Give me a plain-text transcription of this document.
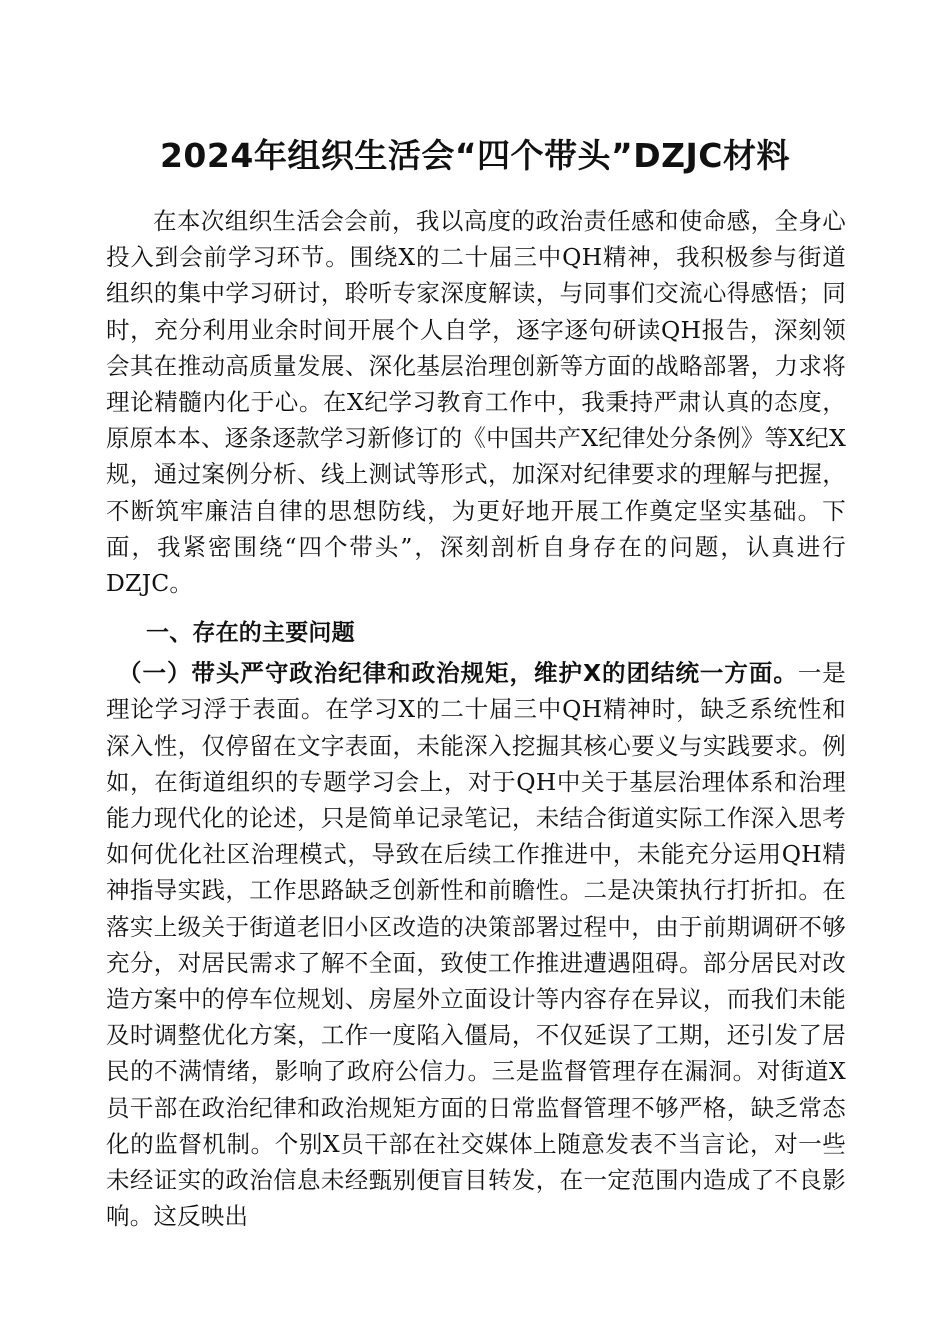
2024年组织生活会“四个带头”DZJC材料

在本次组织生活会会前，我以高度的政治责任感和使命感，全身心投入到会前学习环节。围绕X的二十届三中QH精神，我积极参与街道组织的集中学习研讨，聆听专家深度解读，与同事们交流心得感悟；同时，充分利用业余时间开展个人自学，逐字逐句研读QH报告，深刻领会其在推动高质量发展、深化基层治理创新等方面的战略部署，力求将理论精髓内化于心。在X纪学习教育工作中，我秉持严肃认真的态度，原原本本、逐条逐款学习新修订的《中国共产X纪律处分条例》等X纪X规，通过案例分析、线上测试等形式，加深对纪律要求的理解与把握，不断筑牢廉洁自律的思想防线，为更好地开展工作奠定坚实基础。下面，我紧密围绕“四个带头”，深刻剖析自身存在的问题，认真进行DZJC。

一、存在的主要问题

（一）带头严守政治纪律和政治规矩，维护X的团结统一方面。一是理论学习浮于表面。在学习X的二十届三中QH精神时，缺乏系统性和深入性，仅停留在文字表面，未能深入挖掘其核心要义与实践要求。例如，在街道组织的专题学习会上，对于QH中关于基层治理体系和治理能力现代化的论述，只是简单记录笔记，未结合街道实际工作深入思考如何优化社区治理模式，导致在后续工作推进中，未能充分运用QH精神指导实践，工作思路缺乏创新性和前瞻性。二是决策执行打折扣。在落实上级关于街道老旧小区改造的决策部署过程中，由于前期调研不够充分，对居民需求了解不全面，致使工作推进遭遇阻碍。部分居民对改造方案中的停车位规划、房屋外立面设计等内容存在异议，而我们未能及时调整优化方案，工作一度陷入僵局，不仅延误了工期，还引发了居民的不满情绪，影响了政府公信力。三是监督管理存在漏洞。对街道X员干部在政治纪律和政治规矩方面的日常监督管理不够严格，缺乏常态化的监督机制。个别X员干部在社交媒体上随意发表不当言论，对一些未经证实的政治信息未经甄别便盲目转发，在一定范围内造成了不良影响。这反映出
